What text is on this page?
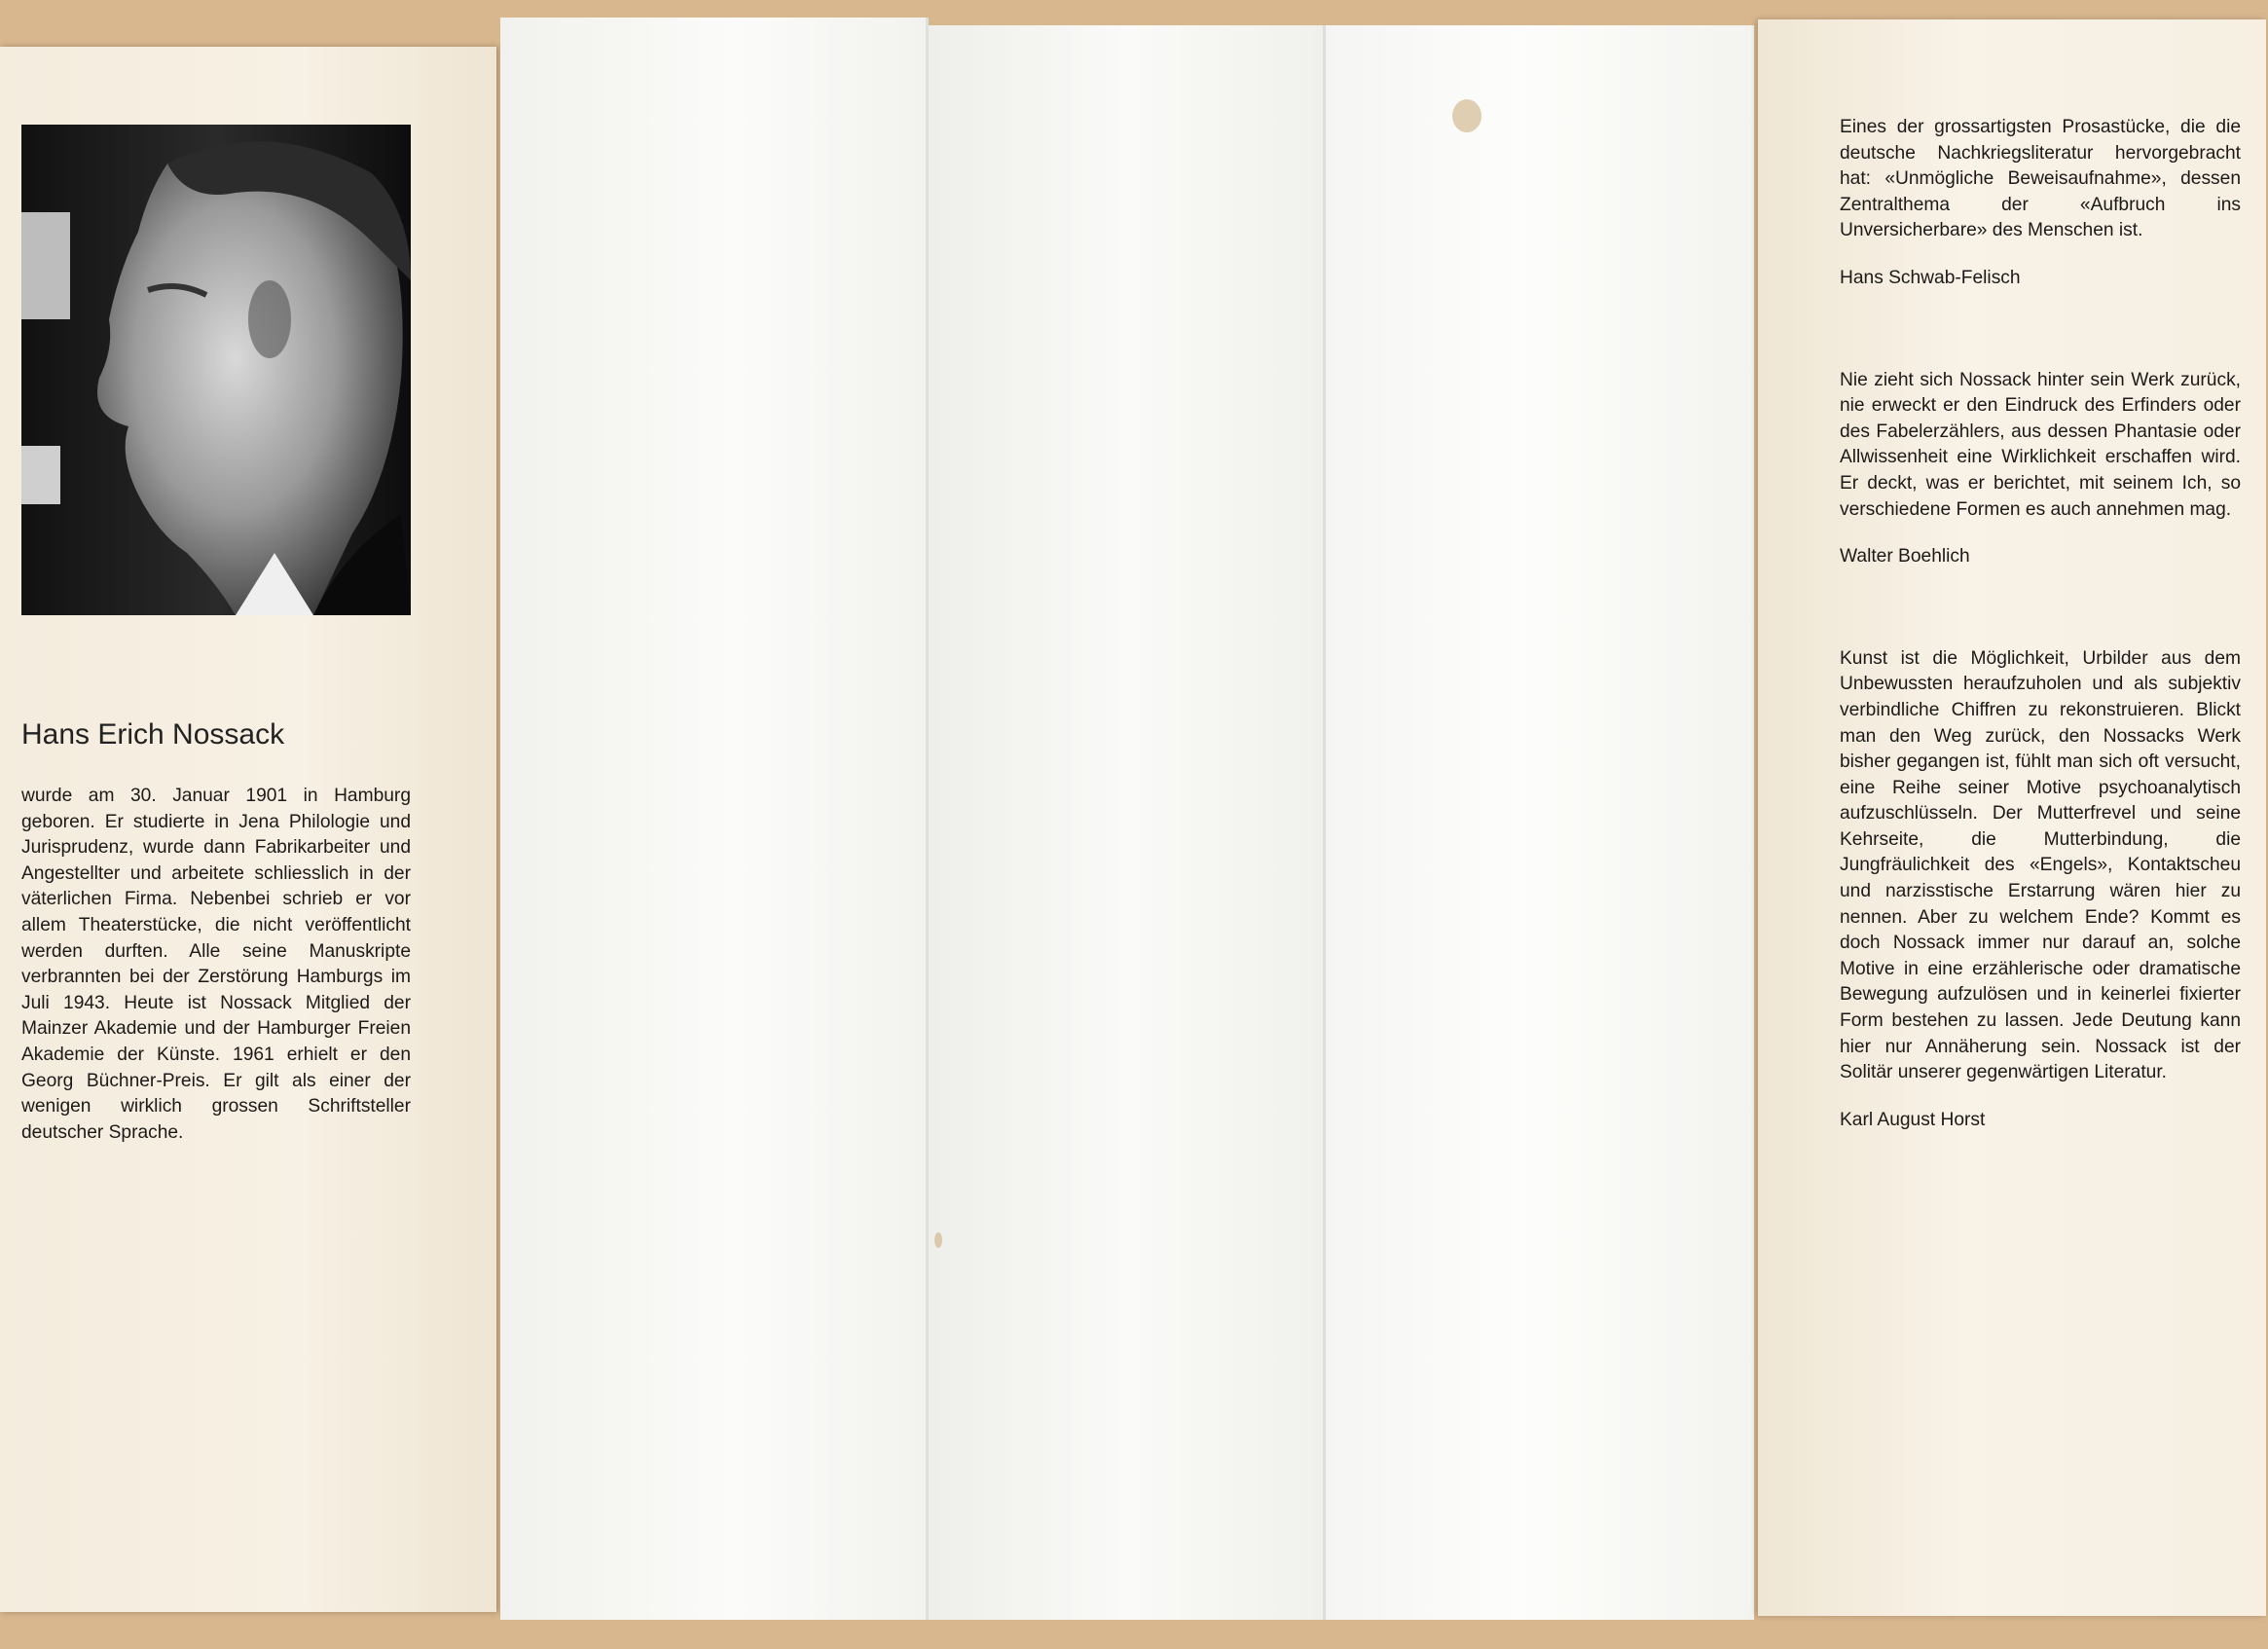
Hans Erich Nossack

wurde am 30. Januar 1901 in Hamburg geboren. Er studierte in Jena Philologie und Jurisprudenz, wurde dann Fabrikarbeiter und Angestellter und arbeitete schliesslich in der väterlichen Firma. Nebenbei schrieb er vor allem Theaterstücke, die nicht veröffentlicht werden durften. Alle seine Manuskripte verbrannten bei der Zerstörung Hamburgs im Juli 1943. Heute ist Nossack Mitglied der Mainzer Akademie und der Hamburger Freien Akademie der Künste. 1961 erhielt er den Georg Büchner-Preis. Er gilt als einer der wenigen wirklich grossen Schriftsteller deutscher Sprache.

Eines der grossartigsten Prosastücke, die die deutsche Nachkriegsliteratur hervorgebracht hat: «Unmögliche Beweisaufnahme», dessen Zentralthema der «Aufbruch ins Unversicherbare» des Menschen ist.

Hans Schwab-Felisch

Nie zieht sich Nossack hinter sein Werk zurück, nie erweckt er den Eindruck des Erfinders oder des Fabelerzählers, aus dessen Phantasie oder Allwissenheit eine Wirklichkeit erschaffen wird. Er deckt, was er berichtet, mit seinem Ich, so verschiedene Formen es auch annehmen mag.

Walter Boehlich

Kunst ist die Möglichkeit, Urbilder aus dem Unbewussten heraufzuholen und als subjektiv verbindliche Chiffren zu rekonstruieren. Blickt man den Weg zurück, den Nossacks Werk bisher gegangen ist, fühlt man sich oft versucht, eine Reihe seiner Motive psychoanalytisch aufzuschlüsseln. Der Mutterfrevel und seine Kehrseite, die Mutterbindung, die Jungfräulichkeit des «Engels», Kontaktscheu und narzisstische Erstarrung wären hier zu nennen. Aber zu welchem Ende? Kommt es doch Nossack immer nur darauf an, solche Motive in eine erzählerische oder dramatische Bewegung aufzulösen und in keinerlei fixierter Form bestehen zu lassen. Jede Deutung kann hier nur Annäherung sein. Nossack ist der Solitär unserer gegenwärtigen Literatur.

Karl August Horst
